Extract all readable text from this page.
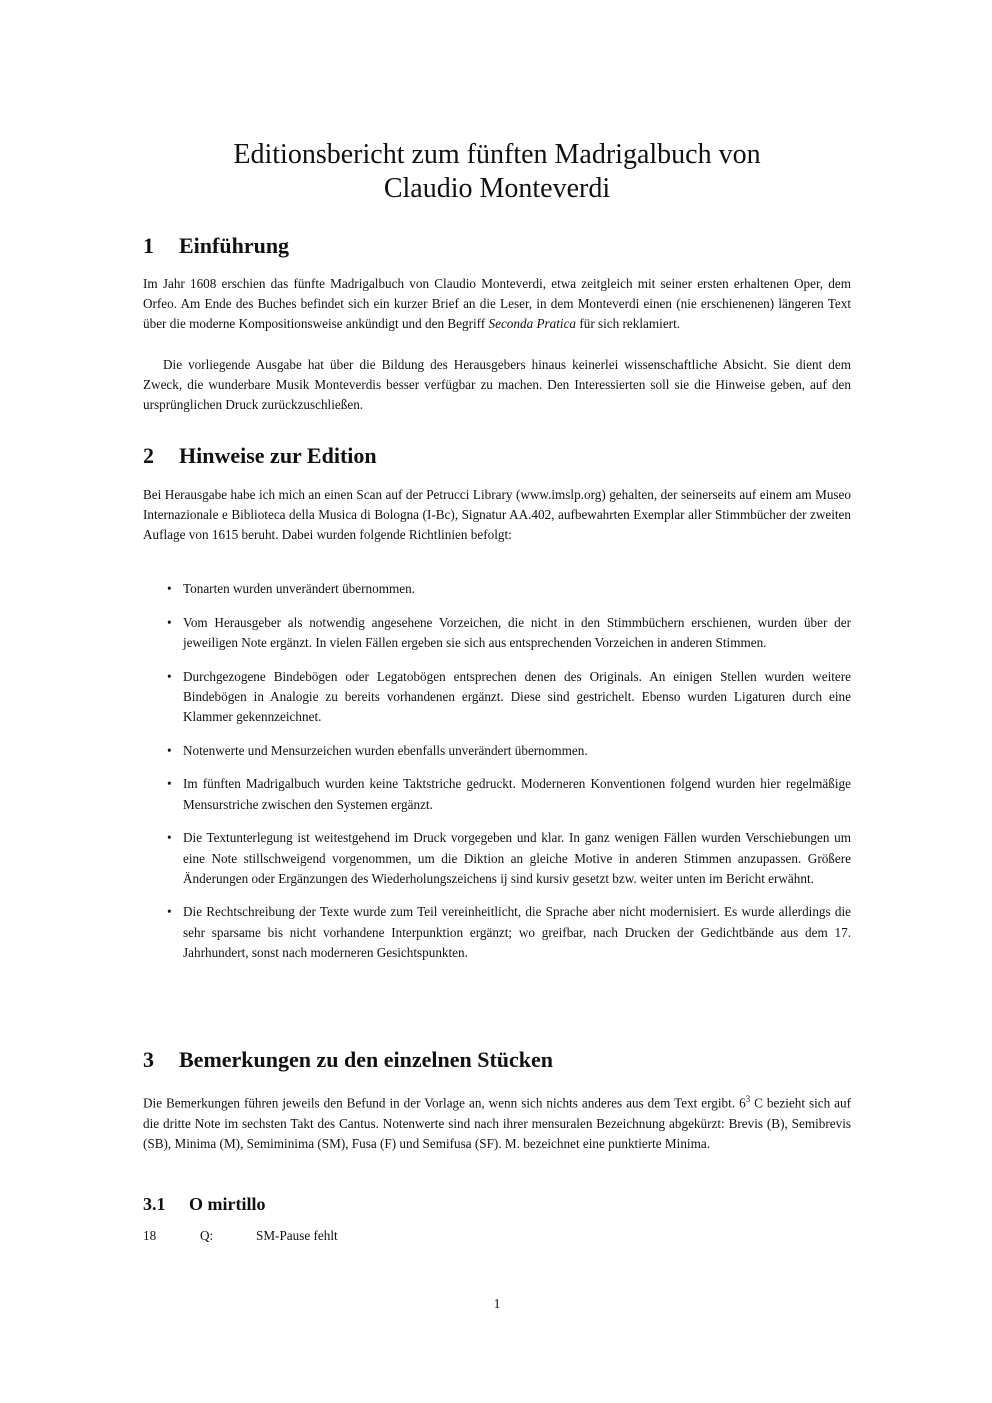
Editionsbericht zum fünften Madrigalbuch von
Claudio Monteverdi
1 Einführung

Im Jahr 1608 erschien das fünfte Madrigalbuch von Claudio Monteverdi, etwa zeitgleich mit seiner ersten erhaltenen Oper, dem Orfeo. Am Ende des Buches befindet sich ein kurzer Brief an die Leser, in dem Monteverdi einen (nie erschienenen) längeren Text über die moderne Kompositionsweise ankündigt und den Begriff Seconda Pratica für sich reklamiert.

Die vorliegende Ausgabe hat über die Bildung des Herausgebers hinaus keinerlei wissenschaftliche Absicht. Sie dient dem Zweck, die wunderbare Musik Monteverdis besser verfügbar zu machen. Den Interessierten soll sie die Hinweise geben, auf den ursprünglichen Druck zurückzuschließen.

2 Hinweise zur Edition

Bei Herausgabe habe ich mich an einen Scan auf der Petrucci Library (www.imslp.org) gehalten, der seinerseits auf einem am Museo Internazionale e Biblioteca della Musica di Bologna (I-Bc), Signatur AA.402, aufbewahrten Exemplar aller Stimmbücher der zweiten Auflage von 1615 beruht. Dabei wurden folgende Richtlinien befolgt:

• Tonarten wurden unverändert übernommen.
• Vom Herausgeber als notwendig angesehene Vorzeichen, die nicht in den Stimmbüchern erschienen, wurden über der jeweiligen Note ergänzt. In vielen Fällen ergeben sie sich aus entsprechenden Vorzeichen in anderen Stimmen.
• Durchgezogene Bindebögen oder Legatobögen entsprechen denen des Originals. An einigen Stellen wurden weitere Bindebögen in Analogie zu bereits vorhandenen ergänzt. Diese sind gestrichelt. Ebenso wurden Ligaturen durch eine Klammer gekennzeichnet.
• Notenwerte und Mensurzeichen wurden ebenfalls unverändert übernommen.
• Im fünften Madrigalbuch wurden keine Taktstriche gedruckt. Moderneren Konventionen folgend wurden hier regelmäßige Mensurstriche zwischen den Systemen ergänzt.
• Die Textunterlegung ist weitestgehend im Druck vorgegeben und klar. In ganz wenigen Fällen wurden Verschiebungen um eine Note stillschweigend vorgenommen, um die Diktion an gleiche Motive in anderen Stimmen anzupassen. Größere Änderungen oder Ergänzungen des Wiederholungszeichens ij sind kursiv gesetzt bzw. weiter unten im Bericht erwähnt.
• Die Rechtschreibung der Texte wurde zum Teil vereinheitlicht, die Sprache aber nicht modernisiert. Es wurde allerdings die sehr sparsame bis nicht vorhandene Interpunktion ergänzt; wo greifbar, nach Drucken der Gedichtbände aus dem 17. Jahrhundert, sonst nach moderneren Gesichtspunkten.
3 Bemerkungen zu den einzelnen Stücken

Die Bemerkungen führen jeweils den Befund in der Vorlage an, wenn sich nichts anderes aus dem Text ergibt. $6^3$ C bezieht sich auf die dritte Note im sechsten Takt des Cantus. Notenwerte sind nach ihrer mensuralen Bezeichnung abgekürzt: Brevis (B), Semibrevis (SB), Minima (M), Semiminima (SM), Fusa (F) und Semifusa (SF). M. bezeichnet eine punktierte Minima.

3.1 O mirtillo
18	Q:	SM-Pause fehlt
1
